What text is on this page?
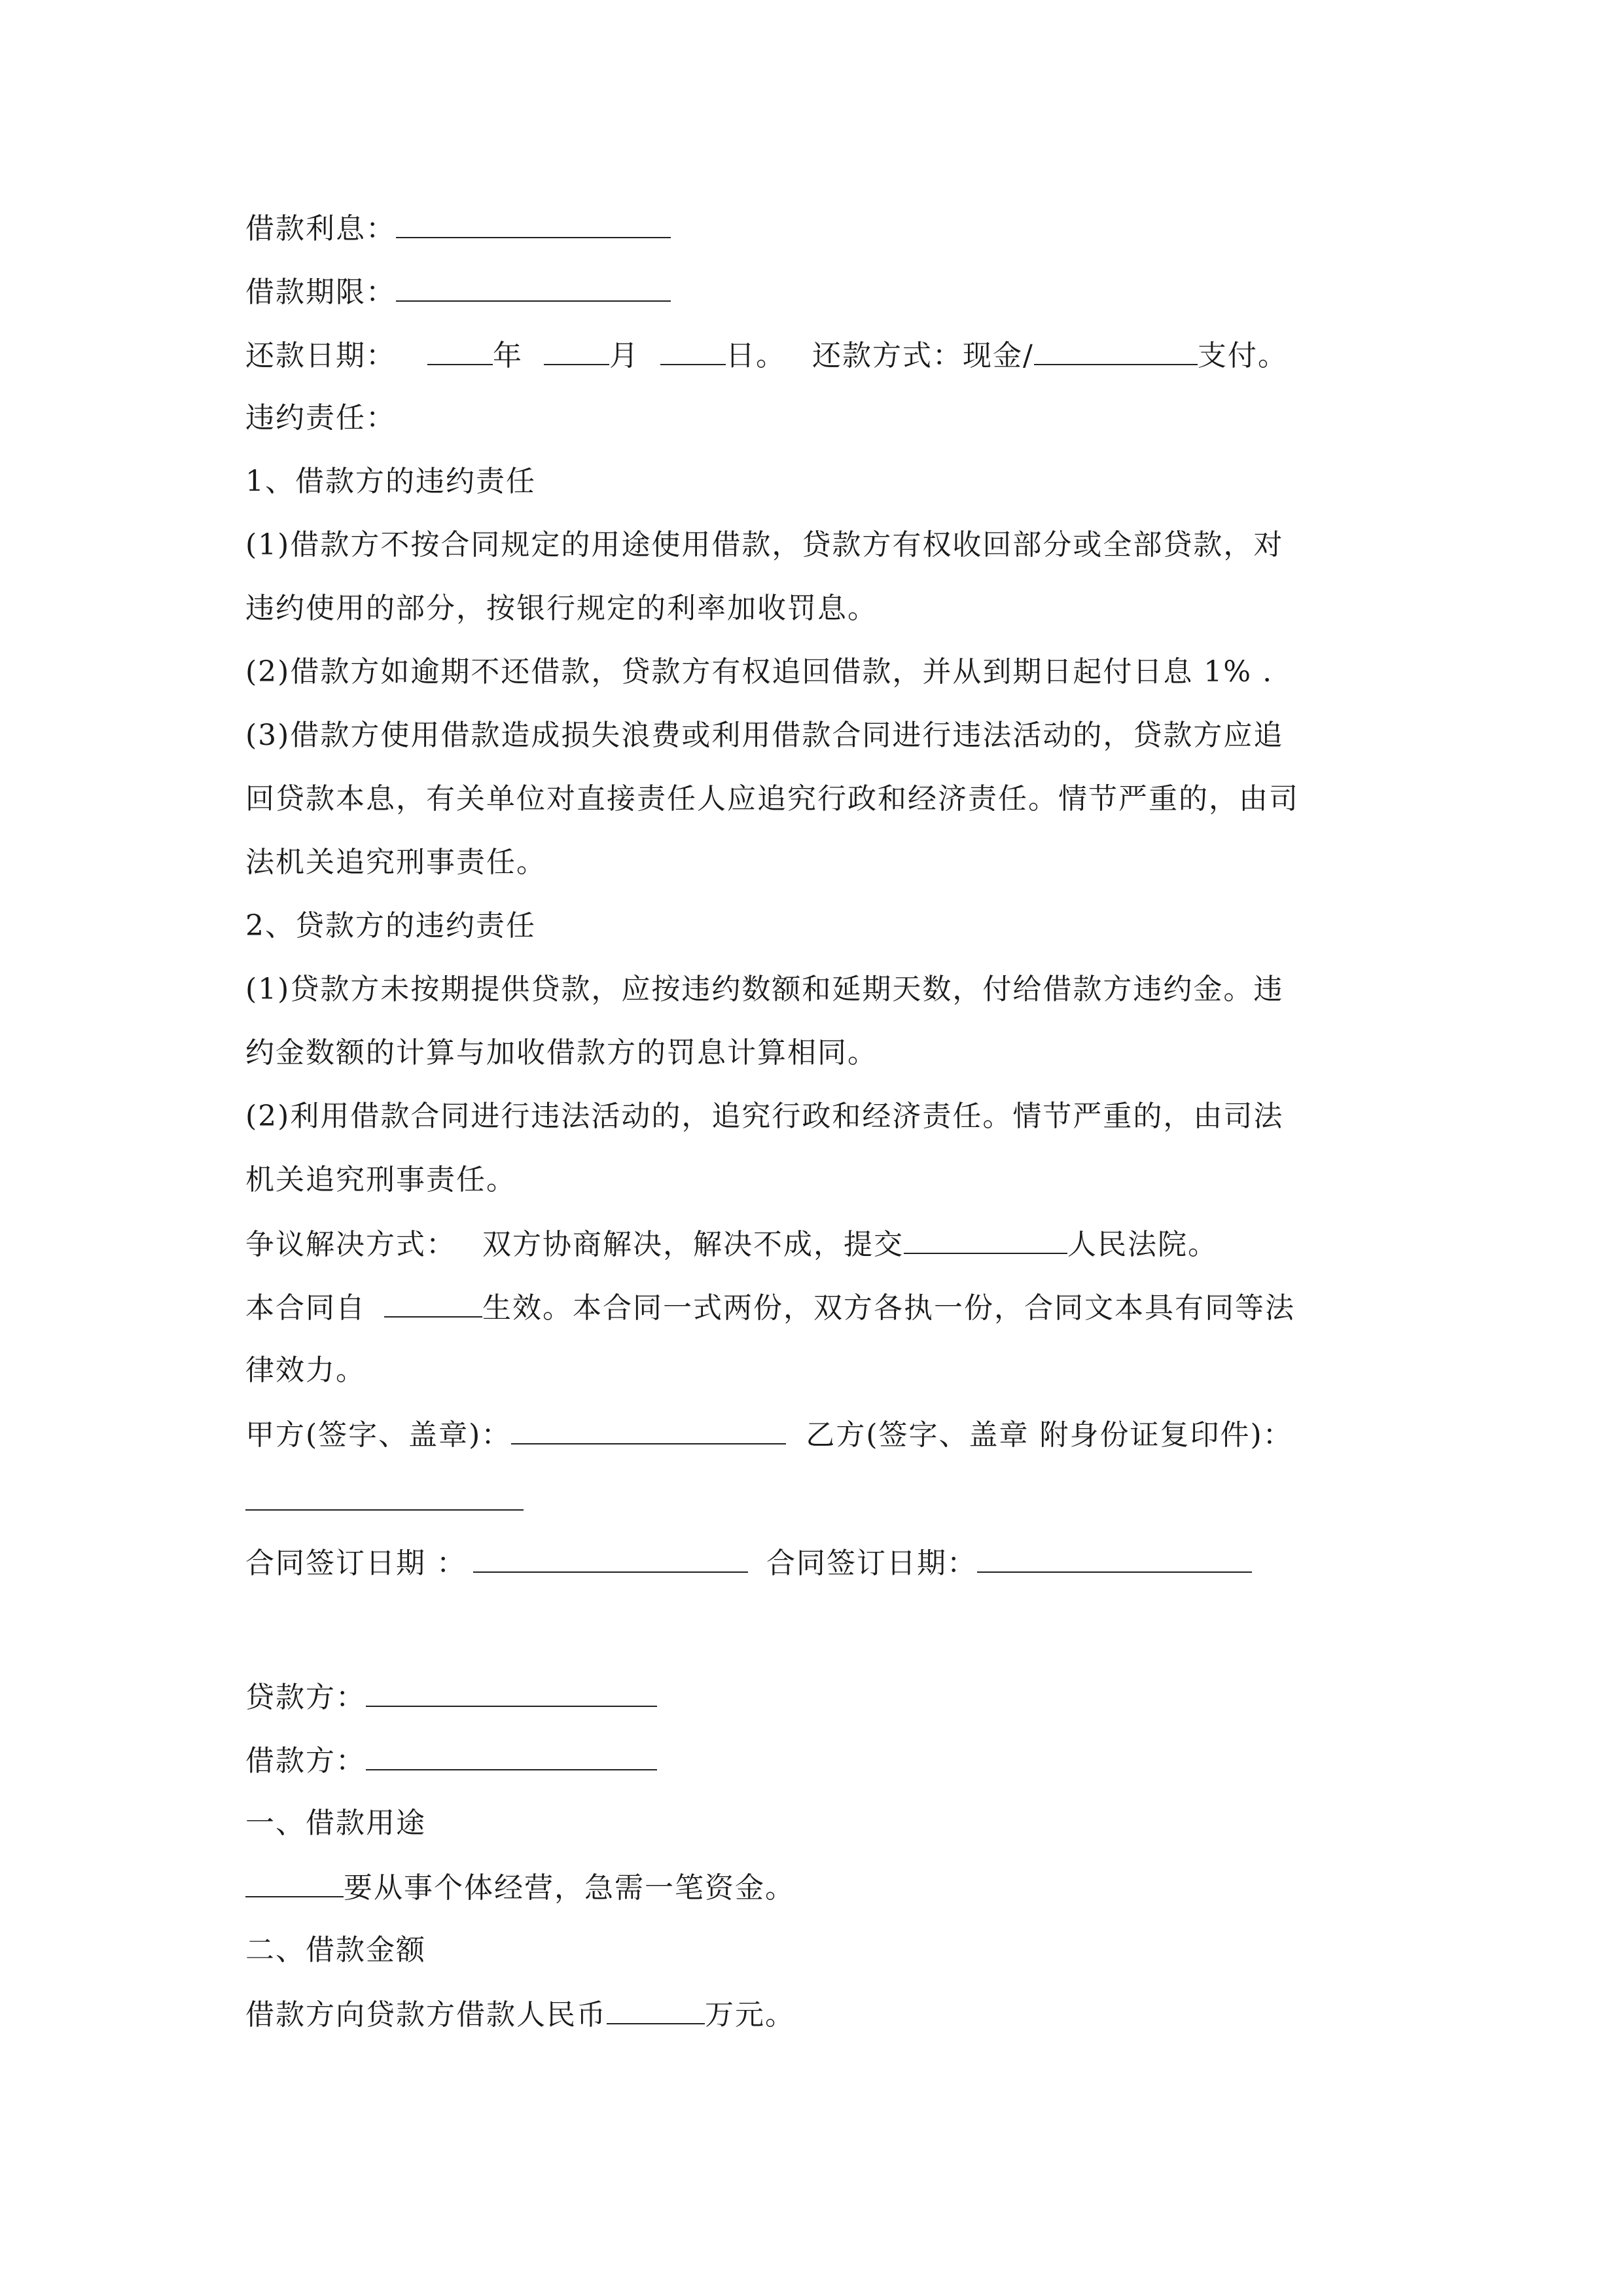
借款利息：
借款期限：
还款日期：	年	月	日。 还款方式：现金/	支付。
违约责任：
1、借款方的违约责任
(1)借款方不按合同规定的用途使用借款，贷款方有权收回部分或全部贷款，对
违约使用的部分，按银行规定的利率加收罚息。
(2)借款方如逾期不还借款，贷款方有权追回借款，并从到期日起付日息 1% .
(3)借款方使用借款造成损失浪费或利用借款合同进行违法活动的，贷款方应追
回贷款本息，有关单位对直接责任人应追究行政和经济责任。情节严重的，由司
法机关追究刑事责任。
2、贷款方的违约责任
(1)贷款方未按期提供贷款，应按违约数额和延期天数，付给借款方违约金。违
约金数额的计算与加收借款方的罚息计算相同。
(2)利用借款合同进行违法活动的，追究行政和经济责任。情节严重的，由司法
机关追究刑事责任。
争议解决方式： 双方协商解决，解决不成，提交	人民法院。
本合同自	生效。本合同一式两份，双方各执一份，合同文本具有同等法
律效力。
甲方(签字、盖章)：	乙方(签字、盖章 附身份证复印件)：
合同签订日期 ：	合同签订日期：
贷款方：
借款方：
一、借款用途
要从事个体经营，急需一笔资金。
二、借款金额
借款方向贷款方借款人民币	万元。
